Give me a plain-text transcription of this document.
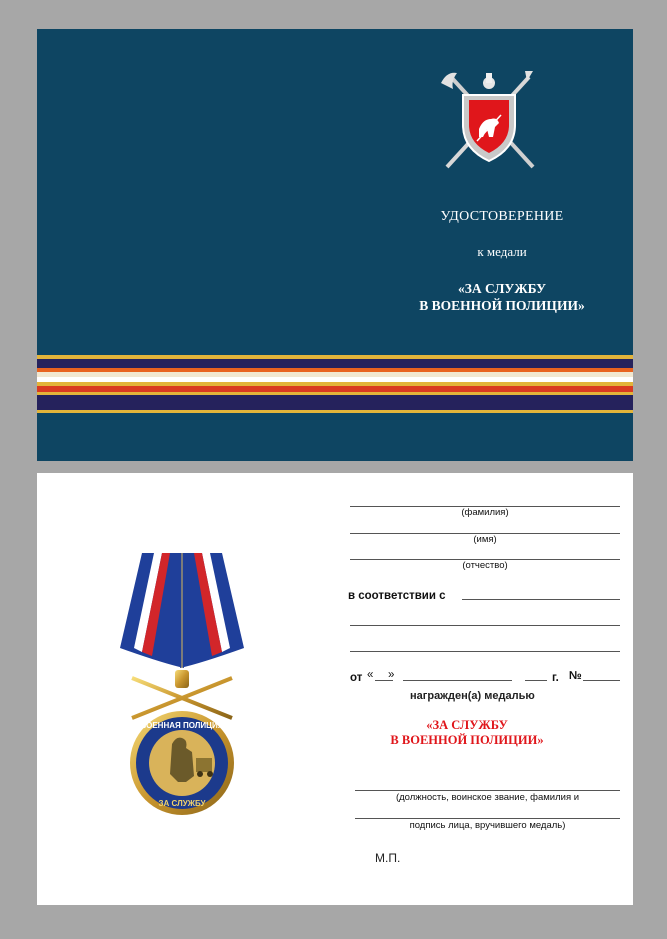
УДОСТОВЕРЕНИЕ
к медали
«ЗА СЛУЖБУ
В ВОЕННОЙ ПОЛИЦИИ»
ВОЕННАЯ ПОЛИЦИЯ
ЗА СЛУЖБУ
(фамилия)
(имя)
(отчество)
в соответствии с
от « »	г. №
награжден(а) медалью
«ЗА СЛУЖБУ
В ВОЕННОЙ ПОЛИЦИИ»
(должность, воинское звание, фамилия и
подпись лица, вручившего медаль)
М.П.
